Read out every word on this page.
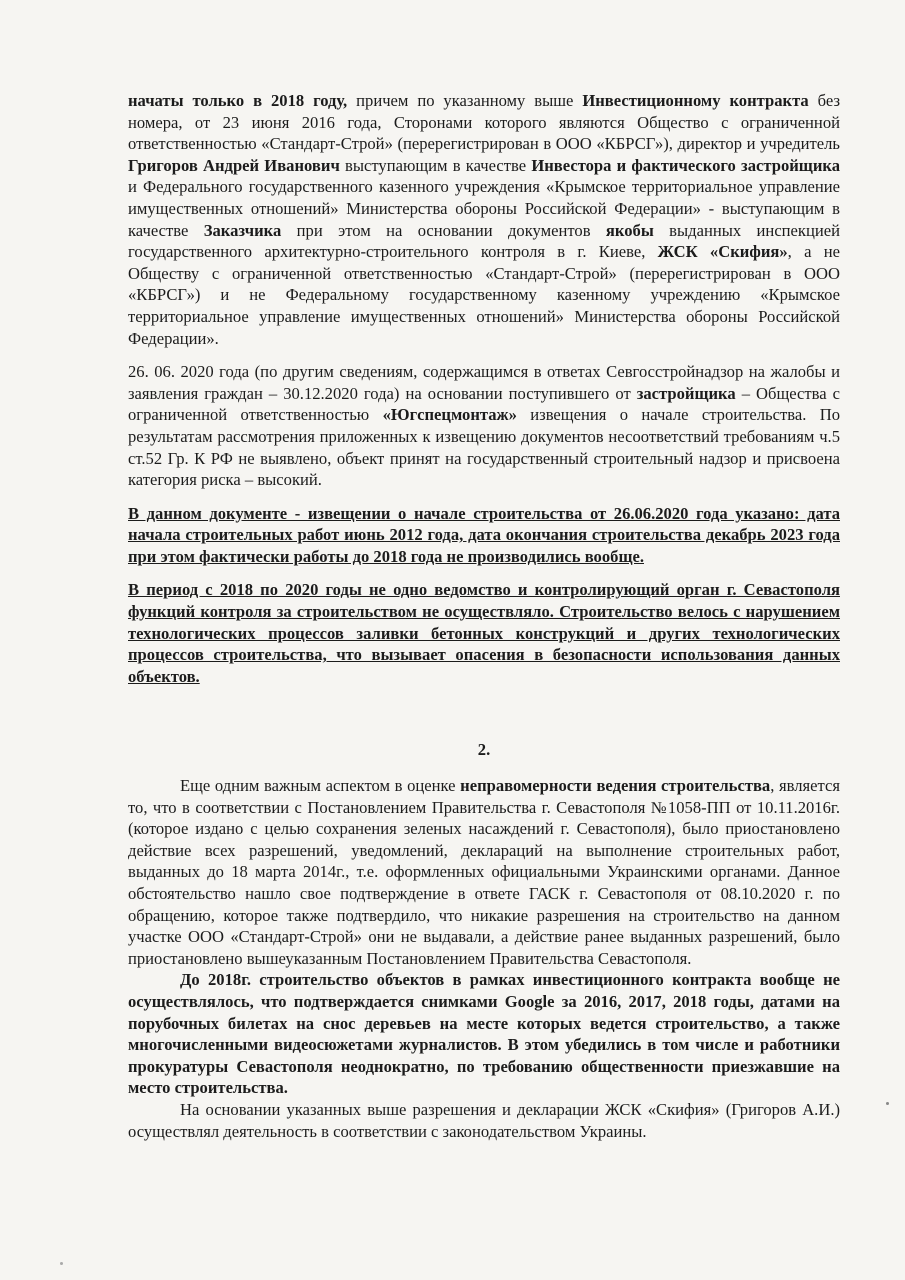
начаты только в 2018 году, причем по указанному выше Инвестиционному контракта без номера, от 23 июня 2016 года, Сторонами которого являются Общество с ограниченной ответственностью «Стандарт-Строй» (перерегистрирован в ООО «КБРСГ»), директор и учредитель Григоров Андрей Иванович выступающим в качестве Инвестора и фактического застройщика и Федерального государственного казенного учреждения «Крымское территориальное управление имущественных отношений» Министерства обороны Российской Федерации» - выступающим в качестве Заказчика при этом на основании документов якобы выданных инспекцией государственного архитектурно-строительного контроля в г. Киеве, ЖСК «Скифия», а не Обществу с ограниченной ответственностью «Стандарт-Строй» (перерегистрирован в ООО «КБРСГ») и не Федеральному государственному казенному учреждению «Крымское территориальное управление имущественных отношений» Министерства обороны Российской Федерации».

26. 06. 2020 года (по другим сведениям, содержащимся в ответах Севгосстройнадзор на жалобы и заявления граждан – 30.12.2020 года) на основании поступившего от застройщика – Общества с ограниченной ответственностью «Югспецмонтаж» извещения о начале строительства. По результатам рассмотрения приложенных к извещению документов несоответствий требованиям ч.5 ст.52 Гр. К РФ не выявлено, объект принят на государственный строительный надзор и присвоена категория риска – высокий.

В данном документе - извещении о начале строительства от 26.06.2020 года указано: дата начала строительных работ июнь 2012 года, дата окончания строительства декабрь 2023 года при этом фактически работы до 2018 года не производились вообще.

В период с 2018 по 2020 годы не одно ведомство и контролирующий орган г. Севастополя функций контроля за строительством не осуществляло. Строительство велось с нарушением технологических процессов заливки бетонных конструкций и других технологических процессов строительства, что вызывает опасения в безопасности использования данных объектов.

2.

Еще одним важным аспектом в оценке неправомерности ведения строительства, является то, что в соответствии с Постановлением Правительства г. Севастополя №1058-ПП от 10.11.2016г. (которое издано с целью сохранения зеленых насаждений г. Севастополя), было приостановлено действие всех разрешений, уведомлений, деклараций на выполнение строительных работ, выданных до 18 марта 2014г., т.е. оформленных официальными Украинскими органами. Данное обстоятельство нашло свое подтверждение в ответе ГАСК г. Севастополя от 08.10.2020 г. по обращению, которое также подтвердило, что никакие разрешения на строительство на данном участке ООО «Стандарт-Строй» они не выдавали, а действие ранее выданных разрешений, было приостановлено вышеуказанным Постановлением Правительства Севастополя.

До 2018г. строительство объектов в рамках инвестиционного контракта вообще не осуществлялось, что подтверждается снимками Google за 2016, 2017, 2018 годы, датами на порубочных билетах на снос деревьев на месте которых ведется строительство, а также многочисленными видеосюжетами журналистов. В этом убедились в том числе и работники прокуратуры Севастополя неоднократно, по требованию общественности приезжавшие на место строительства.

На основании указанных выше разрешения и декларации ЖСК «Скифия» (Григоров А.И.) осуществлял деятельность в соответствии с законодательством Украины.
